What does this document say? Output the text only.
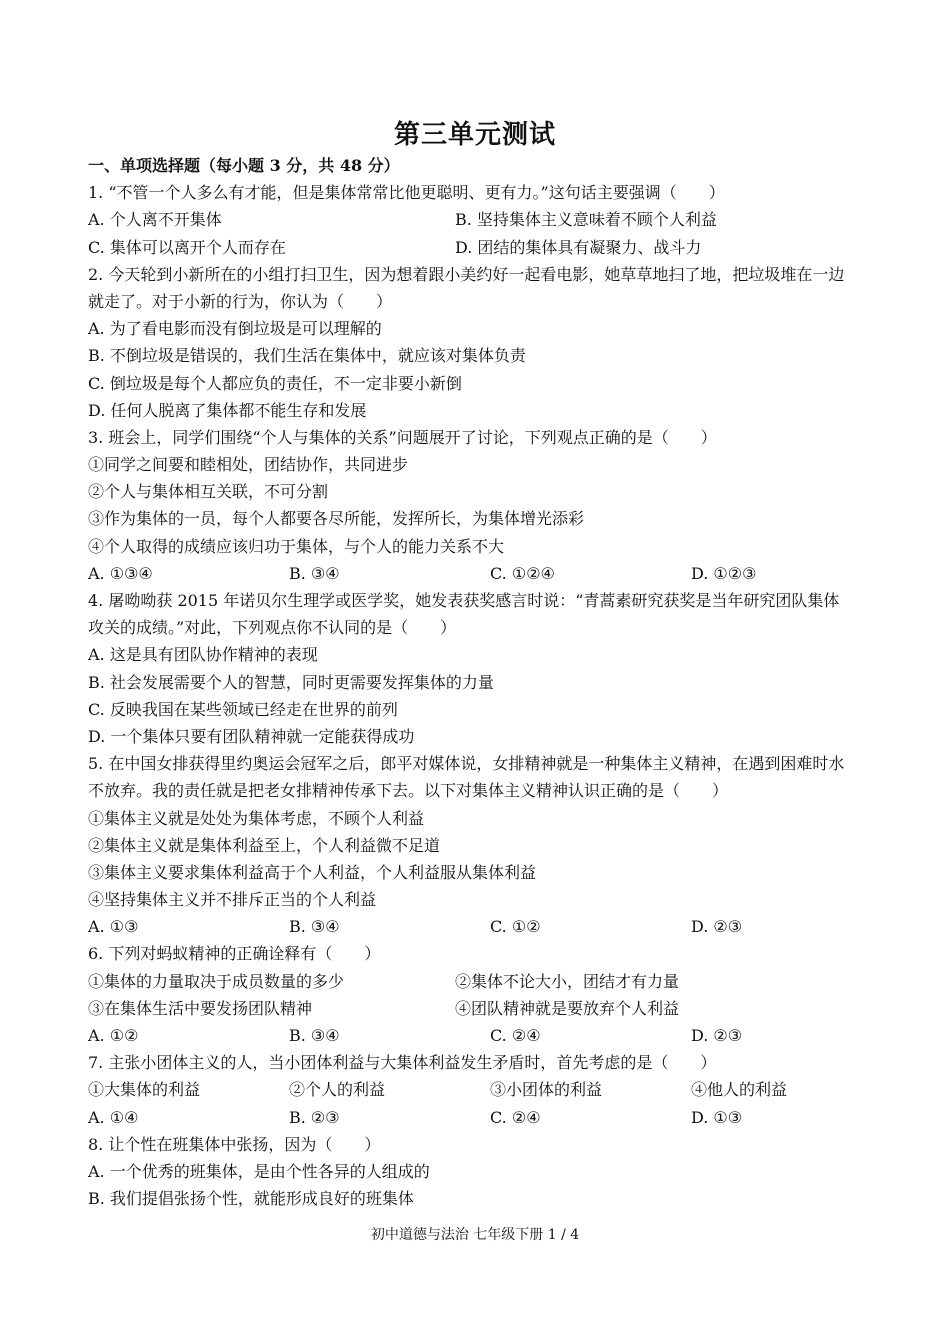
第三单元测试
一、单项选择题（每小题 3 分，共 48 分）
1. “不管一个人多么有才能，但是集体常常比他更聪明、更有力。”这句话主要强调（　　）
A. 个人离不开集体	B. 坚持集体主义意味着不顾个人利益
C. 集体可以离开个人而存在	D. 团结的集体具有凝聚力、战斗力
2. 今天轮到小新所在的小组打扫卫生，因为想着跟小美约好一起看电影，她草草地扫了地，把垃圾堆在一边
就走了。对于小新的行为，你认为（　　）
A. 为了看电影而没有倒垃圾是可以理解的
B. 不倒垃圾是错误的，我们生活在集体中，就应该对集体负责
C. 倒垃圾是每个人都应负的责任，不一定非要小新倒
D. 任何人脱离了集体都不能生存和发展
3. 班会上，同学们围绕“个人与集体的关系”问题展开了讨论，下列观点正确的是（　　）
①同学之间要和睦相处，团结协作，共同进步
②个人与集体相互关联，不可分割
③作为集体的一员，每个人都要各尽所能，发挥所长，为集体增光添彩
④个人取得的成绩应该归功于集体，与个人的能力关系不大
A. ①③④	B. ③④	C. ①②④	D. ①②③
4. 屠呦呦获 2015 年诺贝尔生理学或医学奖，她发表获奖感言时说：“青蒿素研究获奖是当年研究团队集体
攻关的成绩。”对此，下列观点你不认同的是（　　）
A. 这是具有团队协作精神的表现
B. 社会发展需要个人的智慧，同时更需要发挥集体的力量
C. 反映我国在某些领域已经走在世界的前列
D. 一个集体只要有团队精神就一定能获得成功
5. 在中国女排获得里约奥运会冠军之后，郎平对媒体说，女排精神就是一种集体主义精神，在遇到困难时水
不放弃。我的责任就是把老女排精神传承下去。以下对集体主义精神认识正确的是（　　）
①集体主义就是处处为集体考虑，不顾个人利益
②集体主义就是集体利益至上，个人利益微不足道
③集体主义要求集体利益高于个人利益，个人利益服从集体利益
④坚持集体主义并不排斥正当的个人利益
A. ①③	B. ③④	C. ①②	D. ②③
6. 下列对蚂蚁精神的正确诠释有（　　）
①集体的力量取决于成员数量的多少	②集体不论大小，团结才有力量
③在集体生活中要发扬团队精神	④团队精神就是要放弃个人利益
A. ①②	B. ③④	C. ②④	D. ②③
7. 主张小团体主义的人，当小团体利益与大集体利益发生矛盾时，首先考虑的是（　　）
①大集体的利益	②个人的利益	③小团体的利益	④他人的利益
A. ①④	B. ②③	C. ②④	D. ①③
8. 让个性在班集体中张扬，因为（　　）
A. 一个优秀的班集体，是由个性各异的人组成的
B. 我们提倡张扬个性，就能形成良好的班集体
初中道德与法治 七年级下册 1 / 4
